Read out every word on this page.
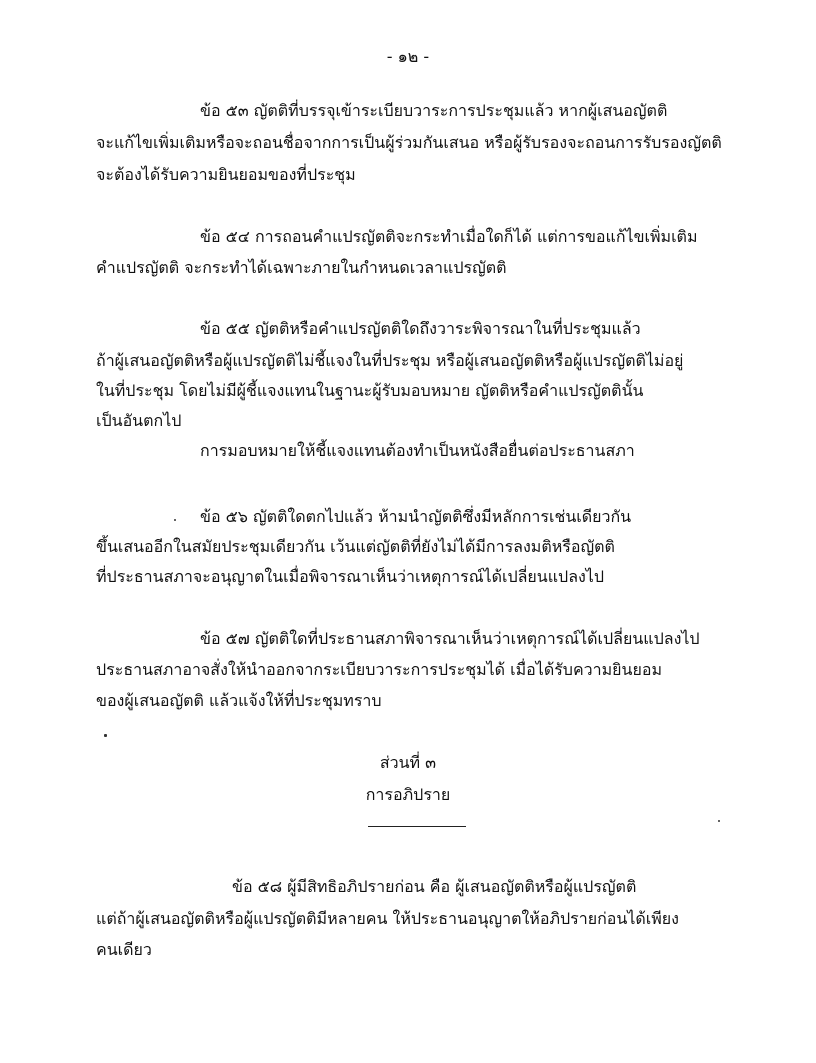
- ๑๒ -
ข้อ ๕๓ ญัตติที่บรรจุเข้าระเบียบวาระการประชุมแล้ว หากผู้เสนอญัตติ
จะแก้ไขเพิ่มเติมหรือจะถอนชื่อจากการเป็นผู้ร่วมกันเสนอ หรือผู้รับรองจะถอนการรับรองญัตติ
จะต้องได้รับความยินยอมของที่ประชุม
ข้อ ๕๔ การถอนคำแปรญัตติจะกระทำเมื่อใดก็ได้ แต่การขอแก้ไขเพิ่มเติม
คำแปรญัตติ จะกระทำได้เฉพาะภายในกำหนดเวลาแปรญัตติ
ข้อ ๕๕ ญัตติหรือคำแปรญัตติใดถึงวาระพิจารณาในที่ประชุมแล้ว
ถ้าผู้เสนอญัตติหรือผู้แปรญัตติไม่ชี้แจงในที่ประชุม หรือผู้เสนอญัตติหรือผู้แปรญัตติไม่อยู่
ในที่ประชุม โดยไม่มีผู้ชี้แจงแทนในฐานะผู้รับมอบหมาย ญัตติหรือคำแปรญัตตินั้น
เป็นอันตกไป
การมอบหมายให้ชี้แจงแทนต้องทำเป็นหนังสือยื่นต่อประธานสภา
ข้อ ๕๖ ญัตติใดตกไปแล้ว ห้ามนำญัตติซึ่งมีหลักการเช่นเดียวกัน
ขึ้นเสนออีกในสมัยประชุมเดียวกัน เว้นแต่ญัตติที่ยังไม่ได้มีการลงมติหรือญัตติ
ที่ประธานสภาจะอนุญาตในเมื่อพิจารณาเห็นว่าเหตุการณ์ได้เปลี่ยนแปลงไป
ข้อ ๕๗ ญัตติใดที่ประธานสภาพิจารณาเห็นว่าเหตุการณ์ได้เปลี่ยนแปลงไป
ประธานสภาอาจสั่งให้นำออกจากระเบียบวาระการประชุมได้ เมื่อได้รับความยินยอม
ของผู้เสนอญัตติ แล้วแจ้งให้ที่ประชุมทราบ
ส่วนที่ ๓
การอภิปราย
ข้อ ๕๘ ผู้มีสิทธิอภิปรายก่อน คือ ผู้เสนอญัตติหรือผู้แปรญัตติ
แต่ถ้าผู้เสนอญัตติหรือผู้แปรญัตติมีหลายคน ให้ประธานอนุญาตให้อภิปรายก่อนได้เพียง
คนเดียว
